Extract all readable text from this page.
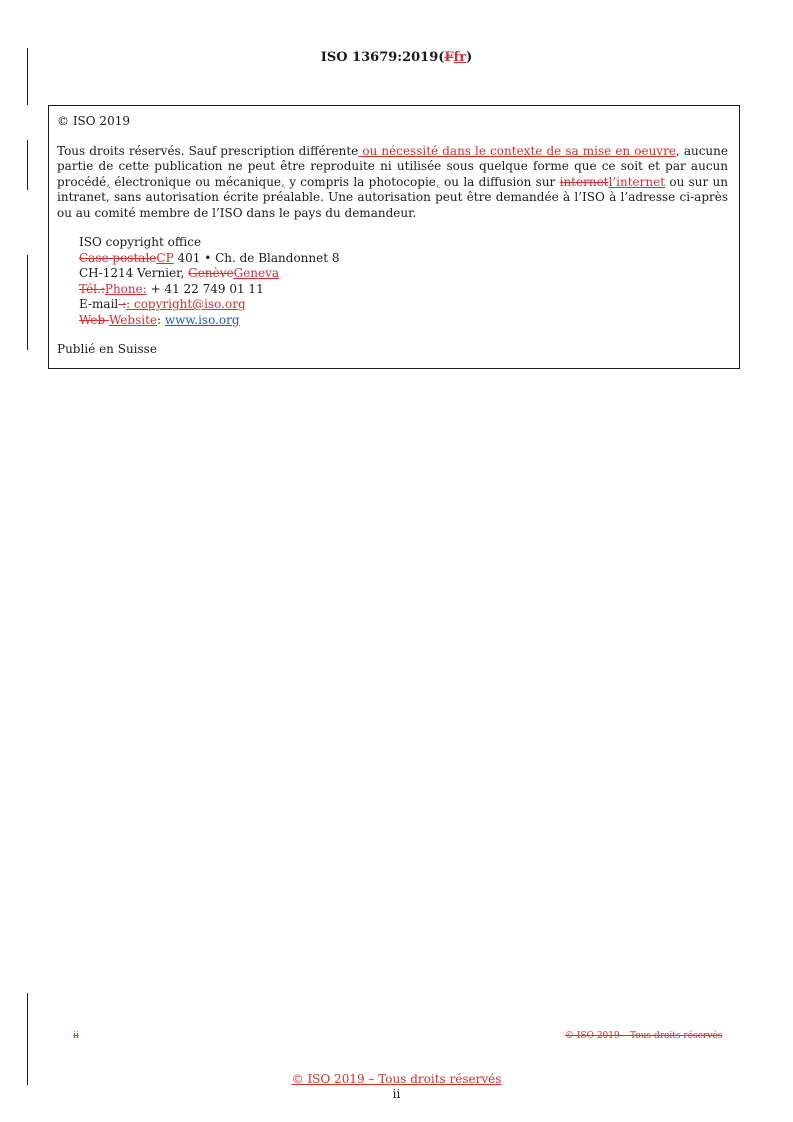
ISO 13679:2019(Ffr)

© ISO 2019

Tous droits réservés. Sauf prescription différente ou nécessité dans le contexte de sa mise en oeuvre, aucune partie de cette publication ne peut être reproduite ni utilisée sous quelque forme que ce soit et par aucun procédé, électronique ou mécanique, y compris la photocopie, ou la diffusion sur internetl’internet ou sur un intranet, sans autorisation écrite préalable. Une autorisation peut être demandée à l’ISO à l’adresse ci-après ou au comité membre de l’ISO dans le pays du demandeur.

ISO copyright office
Case postaleCP 401 • Ch. de Blandonnet 8
CH-1214 Vernier, GenèveGeneva
Tél.:Phone: + 41 22 749 01 11
E-mail :: copyright@iso.org
Web Website: www.iso.org

Publié en Suisse

ii	© ISO 2019 – Tous droits réservés
© ISO 2019 – Tous droits réservés
ii
